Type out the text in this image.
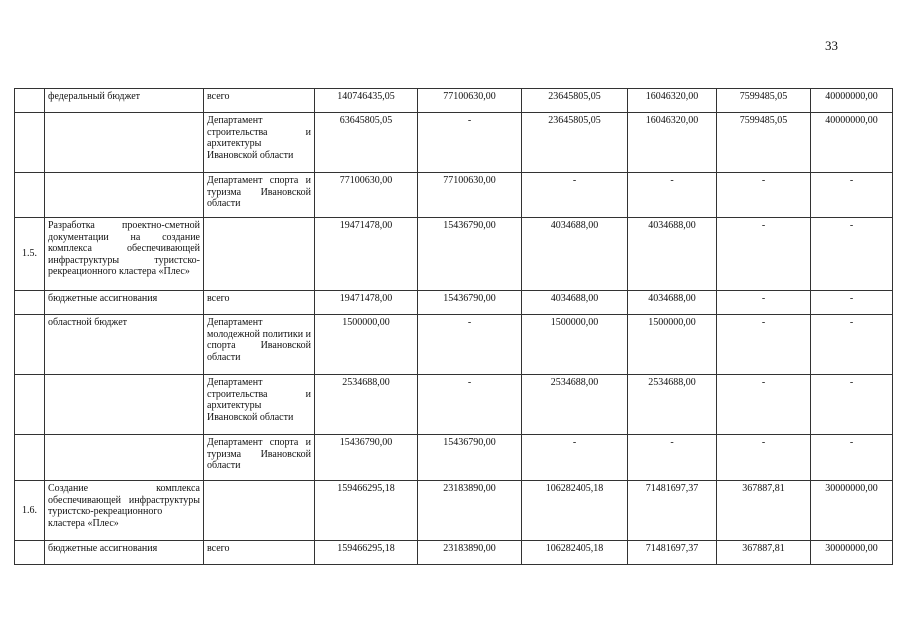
33
	федеральный бюджет	всего	140746435,05	77100630,00	23645805,05	16046320,00	7599485,05	40000000,00
		Департамент строительства и архитектуры Ивановской области	63645805,05	-	23645805,05	16046320,00	7599485,05	40000000,00
		Департамент спорта и туризма Ивановской области	77100630,00	77100630,00	-	-	-	-
1.5.	Разработка проектно-сметной документации на создание комплекса обеспечивающей инфраструктуры туристско-рекреационного кластера «Плес»		19471478,00	15436790,00	4034688,00	4034688,00	-	-
	бюджетные ассигнования	всего	19471478,00	15436790,00	4034688,00	4034688,00	-	-
	областной бюджет	Департамент молодежной политики и спорта Ивановской области	1500000,00	-	1500000,00	1500000,00	-	-
		Департамент строительства и архитектуры Ивановской области	2534688,00	-	2534688,00	2534688,00	-	-
		Департамент спорта и туризма Ивановской области	15436790,00	15436790,00	-	-	-	-
1.6.	Создание комплекса обеспечивающей инфраструктуры туристско-рекреационного кластера «Плес»		159466295,18	23183890,00	106282405,18	71481697,37	367887,81	30000000,00
	бюджетные ассигнования	всего	159466295,18	23183890,00	106282405,18	71481697,37	367887,81	30000000,00
